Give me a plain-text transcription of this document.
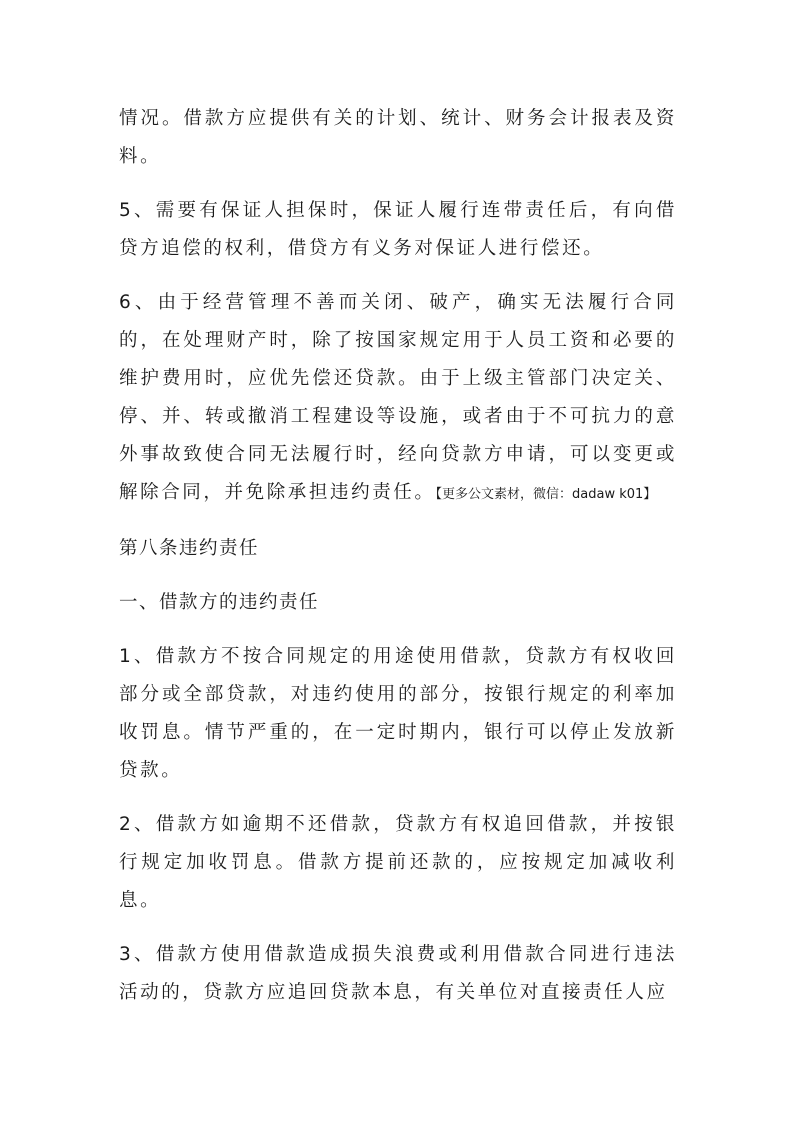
情况。借款方应提供有关的计划、统计、财务会计报表及资料。

5、需要有保证人担保时，保证人履行连带责任后，有向借贷方追偿的权利，借贷方有义务对保证人进行偿还。

6、由于经营管理不善而关闭、破产，确实无法履行合同的，在处理财产时，除了按国家规定用于人员工资和必要的维护费用时，应优先偿还贷款。由于上级主管部门决定关、停、并、转或撤消工程建设等设施，或者由于不可抗力的意外事故致使合同无法履行时，经向贷款方申请，可以变更或解除合同，并免除承担违约责任。【更多公文素材，微信：dadaw k01】

第八条违约责任

一、借款方的违约责任

1、借款方不按合同规定的用途使用借款，贷款方有权收回部分或全部贷款，对违约使用的部分，按银行规定的利率加收罚息。情节严重的，在一定时期内，银行可以停止发放新贷款。

2、借款方如逾期不还借款，贷款方有权追回借款，并按银行规定加收罚息。借款方提前还款的，应按规定加减收利息。

3、借款方使用借款造成损失浪费或利用借款合同进行违法活动的，贷款方应追回贷款本息，有关单位对直接责任人应
